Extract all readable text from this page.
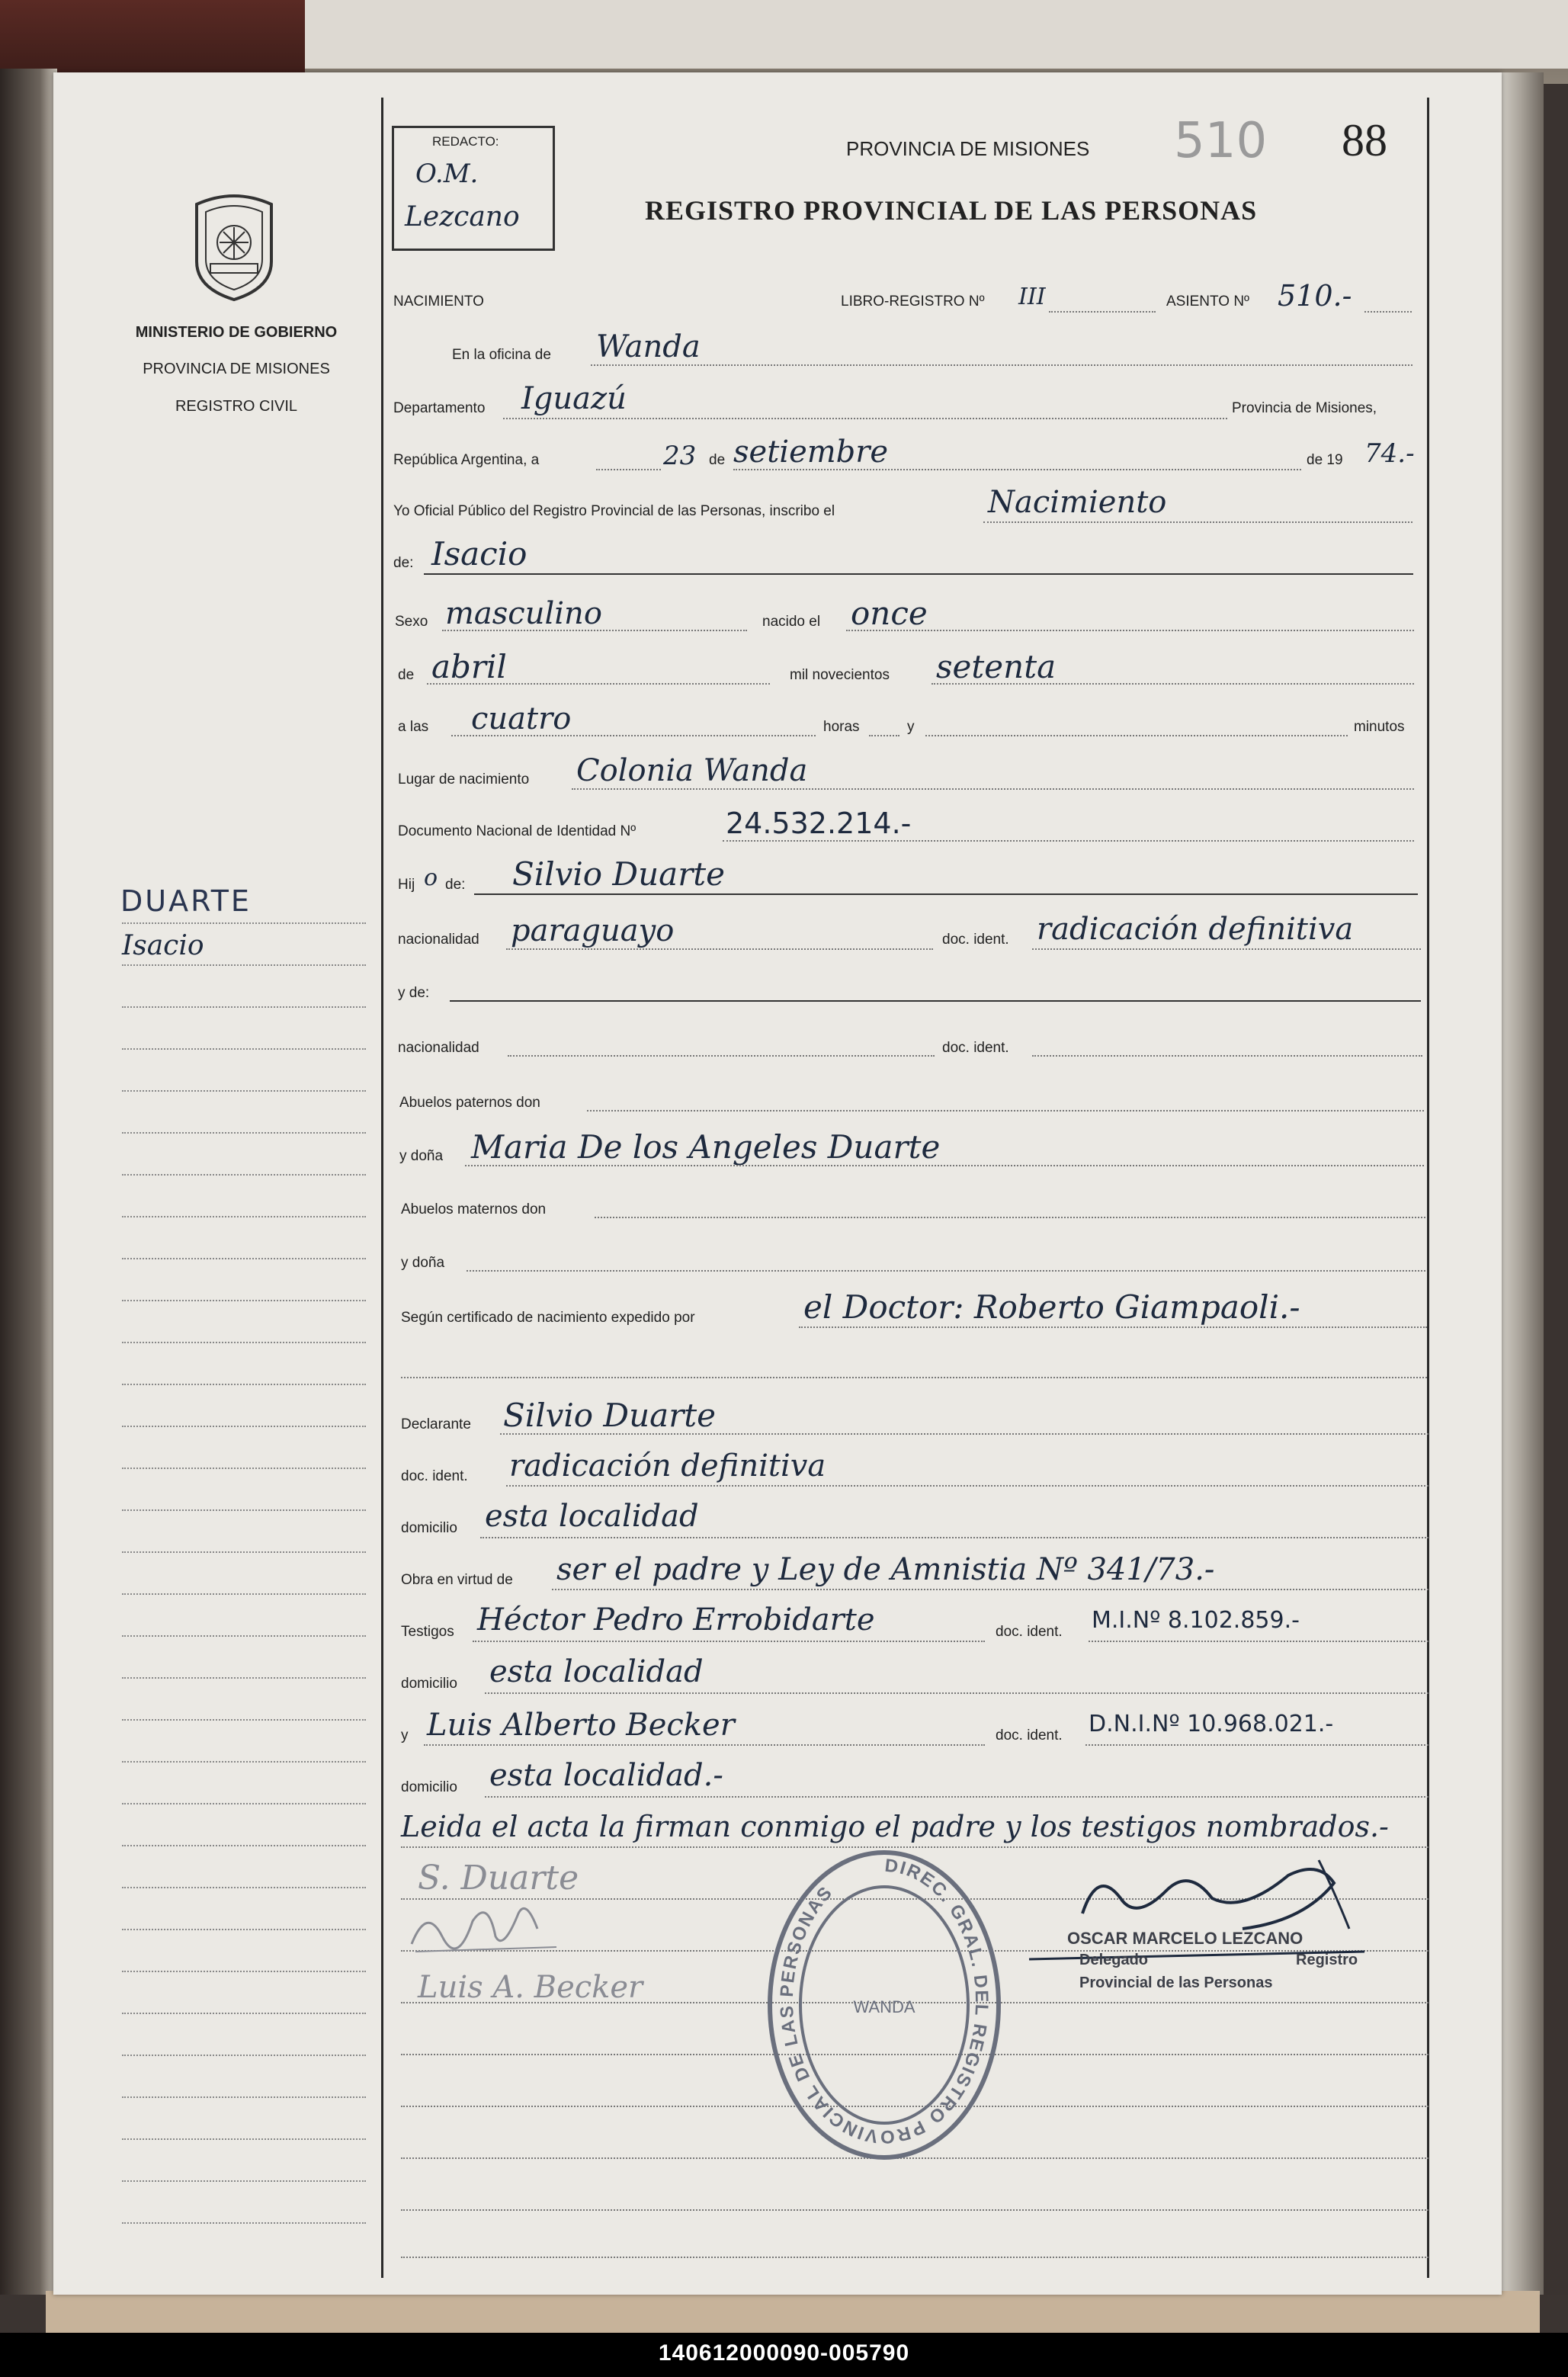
MINISTERIO DE GOBIERNO
PROVINCIA DE MISIONES
REGISTRO CIVIL
DUARTE
Isacio
REDACTO:
O.M.
Lezcano
PROVINCIA DE MISIONES 510 88
REGISTRO PROVINCIAL DE LAS PERSONAS
NACIMIENTO	LIBRO-REGISTRO Nº III	ASIENTO Nº 510.-
En la oficina de Wanda
Departamento Iguazú	Provincia de Misiones,
República Argentina, a	23 de setiembre	de 19 74.-
Yo Oficial Público del Registro Provincial de las Personas, inscribo el	Nacimiento
de: Isacio
Sexo masculino	nacido el once
de abril	mil novecientos setenta
a las cuatro	horas	y	minutos
Lugar de nacimiento Colonia Wanda
Documento Nacional de Identidad Nº	24.532.214.-
Hij o de: Silvio Duarte
nacionalidad paraguayo	doc. ident. radicación definitiva
y de:
nacionalidad	doc. ident.
Abuelos paternos don
y doña Maria De los Angeles Duarte
Abuelos maternos don
y doña
Según certificado de nacimiento expedido por	el Doctor: Roberto Giampaoli.-
Declarante Silvio Duarte
doc. ident. radicación definitiva
domicilio esta localidad
Obra en virtud de ser el padre y Ley de Amnistia Nº 341/73.-
Testigos Héctor Pedro Errobidarte	doc. ident. M.I.Nº 8.102.859.-
domicilio esta localidad
y Luis Alberto Becker	doc. ident. D.N.I.Nº 10.968.021.-
domicilio esta localidad.-
Leida el acta la firman conmigo el padre y los testigos nombrados.-
S. Duarte
Luis A. Becker
DIREC. GRAL. DEL REGISTRO PROVINCIAL DE LAS PERSONAS
WANDA
OSCAR MARCELO LEZCANO
Delegado	Registro
Provincial de las Personas
140612000090-005790
